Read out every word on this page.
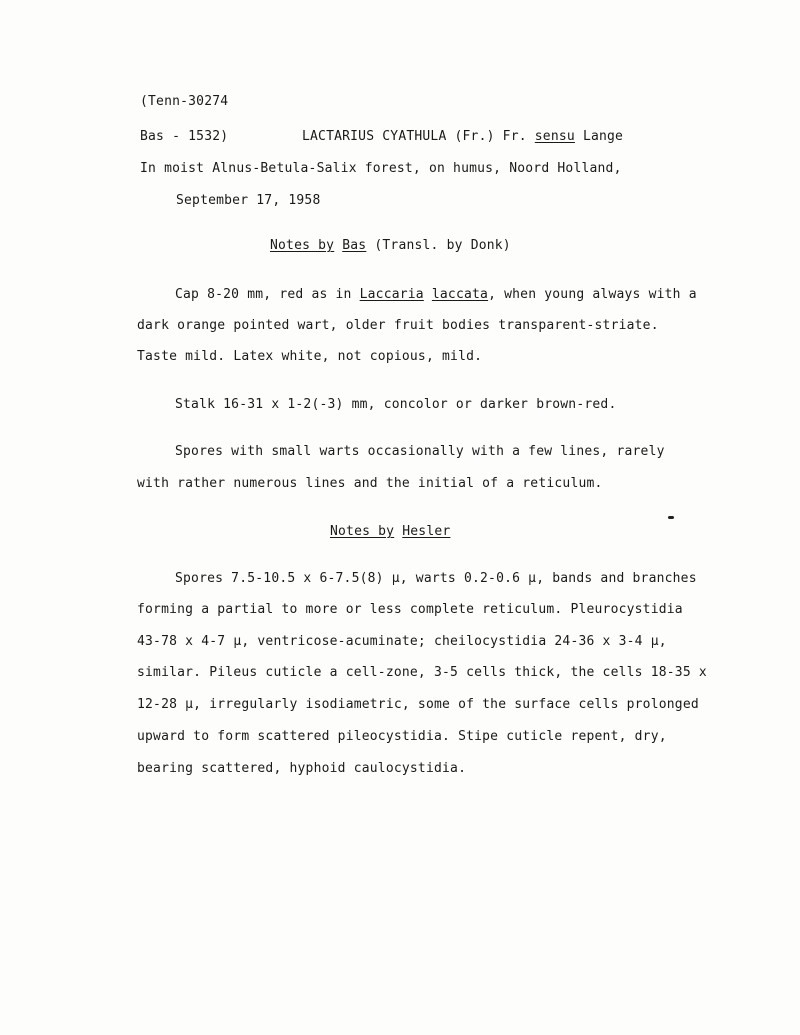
(Tenn-30274
Bas - 1532)	LACTARIUS CYATHULA (Fr.) Fr. sensu Lange
In moist Alnus-Betula-Salix forest, on humus, Noord Holland,
September 17, 1958
Notes by Bas (Transl. by Donk)
Cap 8-20 mm, red as in Laccaria laccata, when young always with a
dark orange pointed wart, older fruit bodies transparent-striate.
Taste mild. Latex white, not copious, mild.
Stalk 16-31 x 1-2(-3) mm, concolor or darker brown-red.
Spores with small warts occasionally with a few lines, rarely
with rather numerous lines and the initial of a reticulum.
Notes by Hesler
Spores 7.5-10.5 x 6-7.5(8) μ, warts 0.2-0.6 μ, bands and branches
forming a partial to more or less complete reticulum. Pleurocystidia
43-78 x 4-7 μ, ventricose-acuminate; cheilocystidia 24-36 x 3-4 μ,
similar. Pileus cuticle a cell-zone, 3-5 cells thick, the cells 18-35 x
12-28 μ, irregularly isodiametric, some of the surface cells prolonged
upward to form scattered pileocystidia. Stipe cuticle repent, dry,
bearing scattered, hyphoid caulocystidia.
